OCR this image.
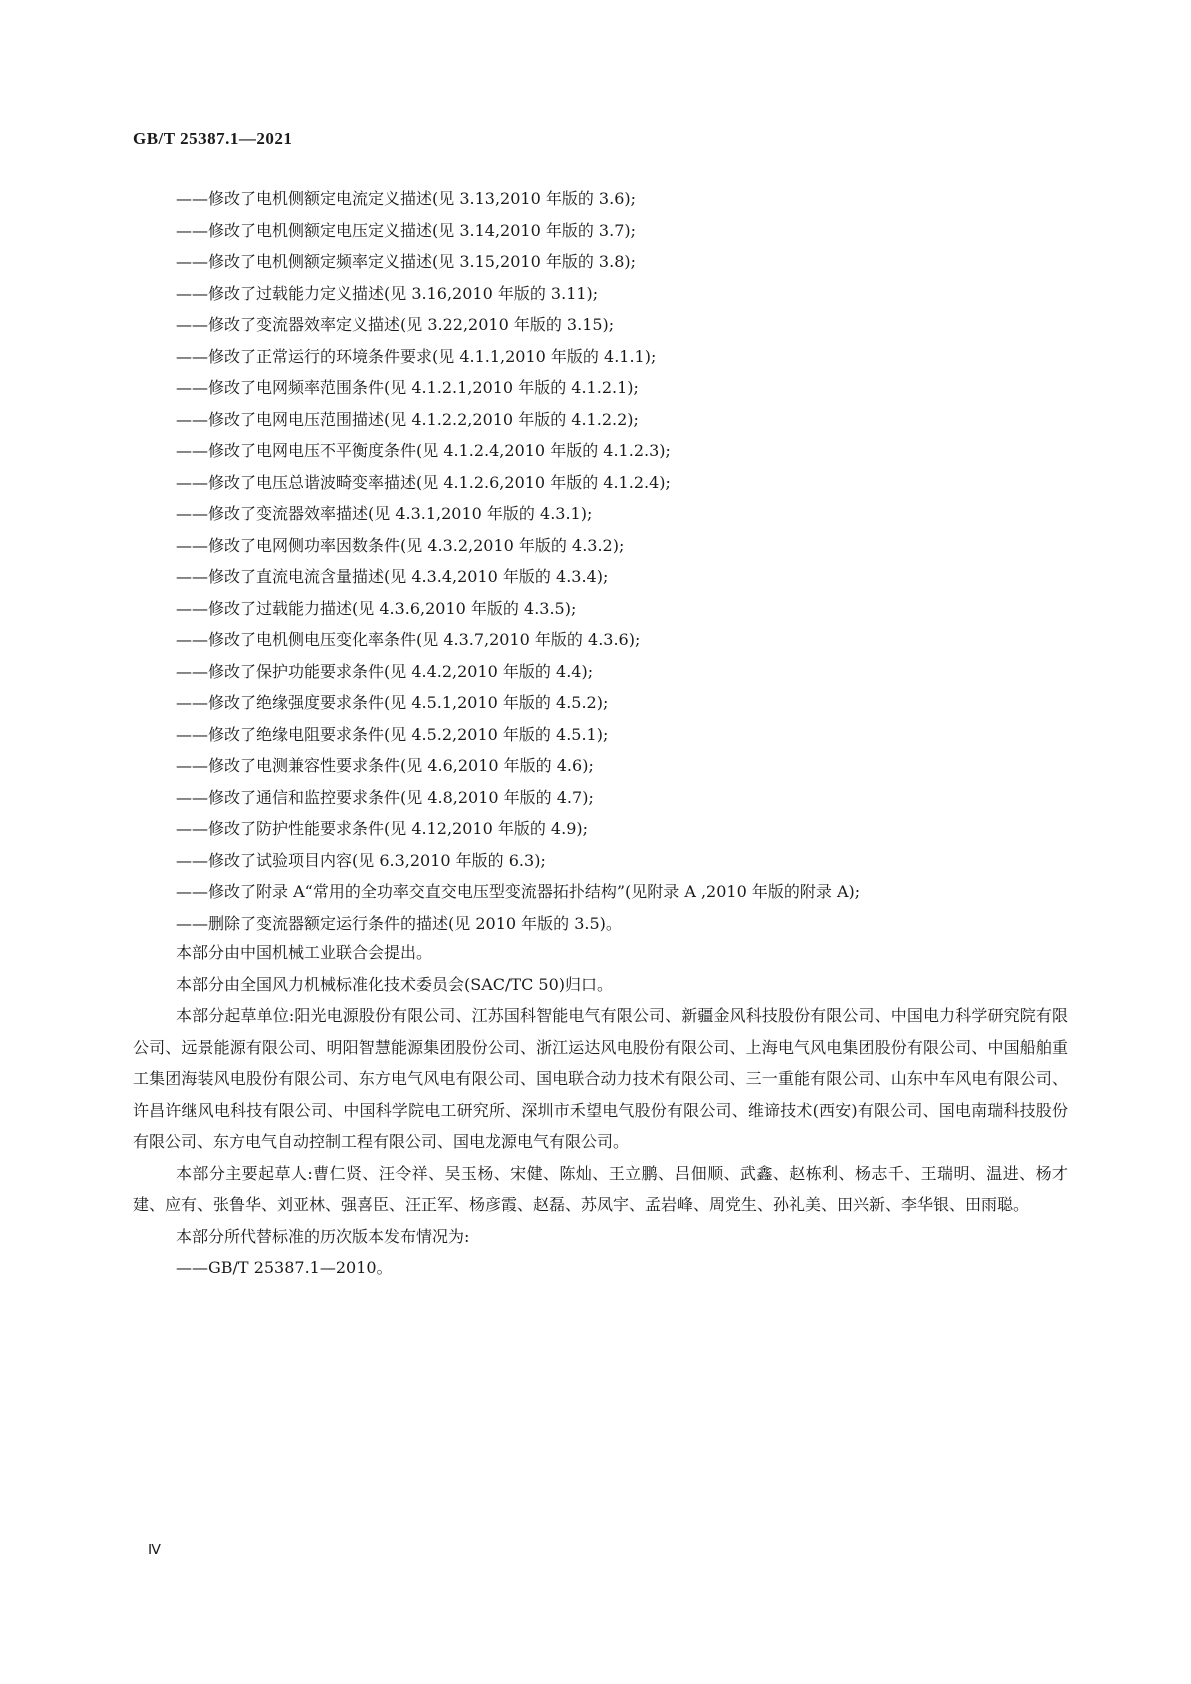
GB/T 25387.1—2021
——修改了电机侧额定电流定义描述(见 3.13,2010 年版的 3.6);
——修改了电机侧额定电压定义描述(见 3.14,2010 年版的 3.7);
——修改了电机侧额定频率定义描述(见 3.15,2010 年版的 3.8);
——修改了过载能力定义描述(见 3.16,2010 年版的 3.11);
——修改了变流器效率定义描述(见 3.22,2010 年版的 3.15);
——修改了正常运行的环境条件要求(见 4.1.1,2010 年版的 4.1.1);
——修改了电网频率范围条件(见 4.1.2.1,2010 年版的 4.1.2.1);
——修改了电网电压范围描述(见 4.1.2.2,2010 年版的 4.1.2.2);
——修改了电网电压不平衡度条件(见 4.1.2.4,2010 年版的 4.1.2.3);
——修改了电压总谐波畸变率描述(见 4.1.2.6,2010 年版的 4.1.2.4);
——修改了变流器效率描述(见 4.3.1,2010 年版的 4.3.1);
——修改了电网侧功率因数条件(见 4.3.2,2010 年版的 4.3.2);
——修改了直流电流含量描述(见 4.3.4,2010 年版的 4.3.4);
——修改了过载能力描述(见 4.3.6,2010 年版的 4.3.5);
——修改了电机侧电压变化率条件(见 4.3.7,2010 年版的 4.3.6);
——修改了保护功能要求条件(见 4.4.2,2010 年版的 4.4);
——修改了绝缘强度要求条件(见 4.5.1,2010 年版的 4.5.2);
——修改了绝缘电阻要求条件(见 4.5.2,2010 年版的 4.5.1);
——修改了电测兼容性要求条件(见 4.6,2010 年版的 4.6);
——修改了通信和监控要求条件(见 4.8,2010 年版的 4.7);
——修改了防护性能要求条件(见 4.12,2010 年版的 4.9);
——修改了试验项目内容(见 6.3,2010 年版的 6.3);
——修改了附录 A“常用的全功率交直交电压型变流器拓扑结构”(见附录 A ,2010 年版的附录 A);
——删除了变流器额定运行条件的描述(见 2010 年版的 3.5)。

本部分由中国机械工业联合会提出。

本部分由全国风力机械标准化技术委员会(SAC/TC 50)归口。

本部分起草单位:阳光电源股份有限公司、江苏国科智能电气有限公司、新疆金风科技股份有限公司、中国电力科学研究院有限公司、远景能源有限公司、明阳智慧能源集团股份公司、浙江运达风电股份有限公司、上海电气风电集团股份有限公司、中国船舶重工集团海装风电股份有限公司、东方电气风电有限公司、国电联合动力技术有限公司、三一重能有限公司、山东中车风电有限公司、许昌许继风电科技有限公司、中国科学院电工研究所、深圳市禾望电气股份有限公司、维谛技术(西安)有限公司、国电南瑞科技股份有限公司、东方电气自动控制工程有限公司、国电龙源电气有限公司。

本部分主要起草人:曹仁贤、汪令祥、吴玉杨、宋健、陈灿、王立鹏、吕佃顺、武鑫、赵栋利、杨志千、王瑞明、温进、杨才建、应有、张鲁华、刘亚林、强喜臣、汪正军、杨彦霞、赵磊、苏凤宇、孟岩峰、周党生、孙礼美、田兴新、李华银、田雨聪。

本部分所代替标准的历次版本发布情况为:

——GB/T 25387.1—2010。

Ⅳ
